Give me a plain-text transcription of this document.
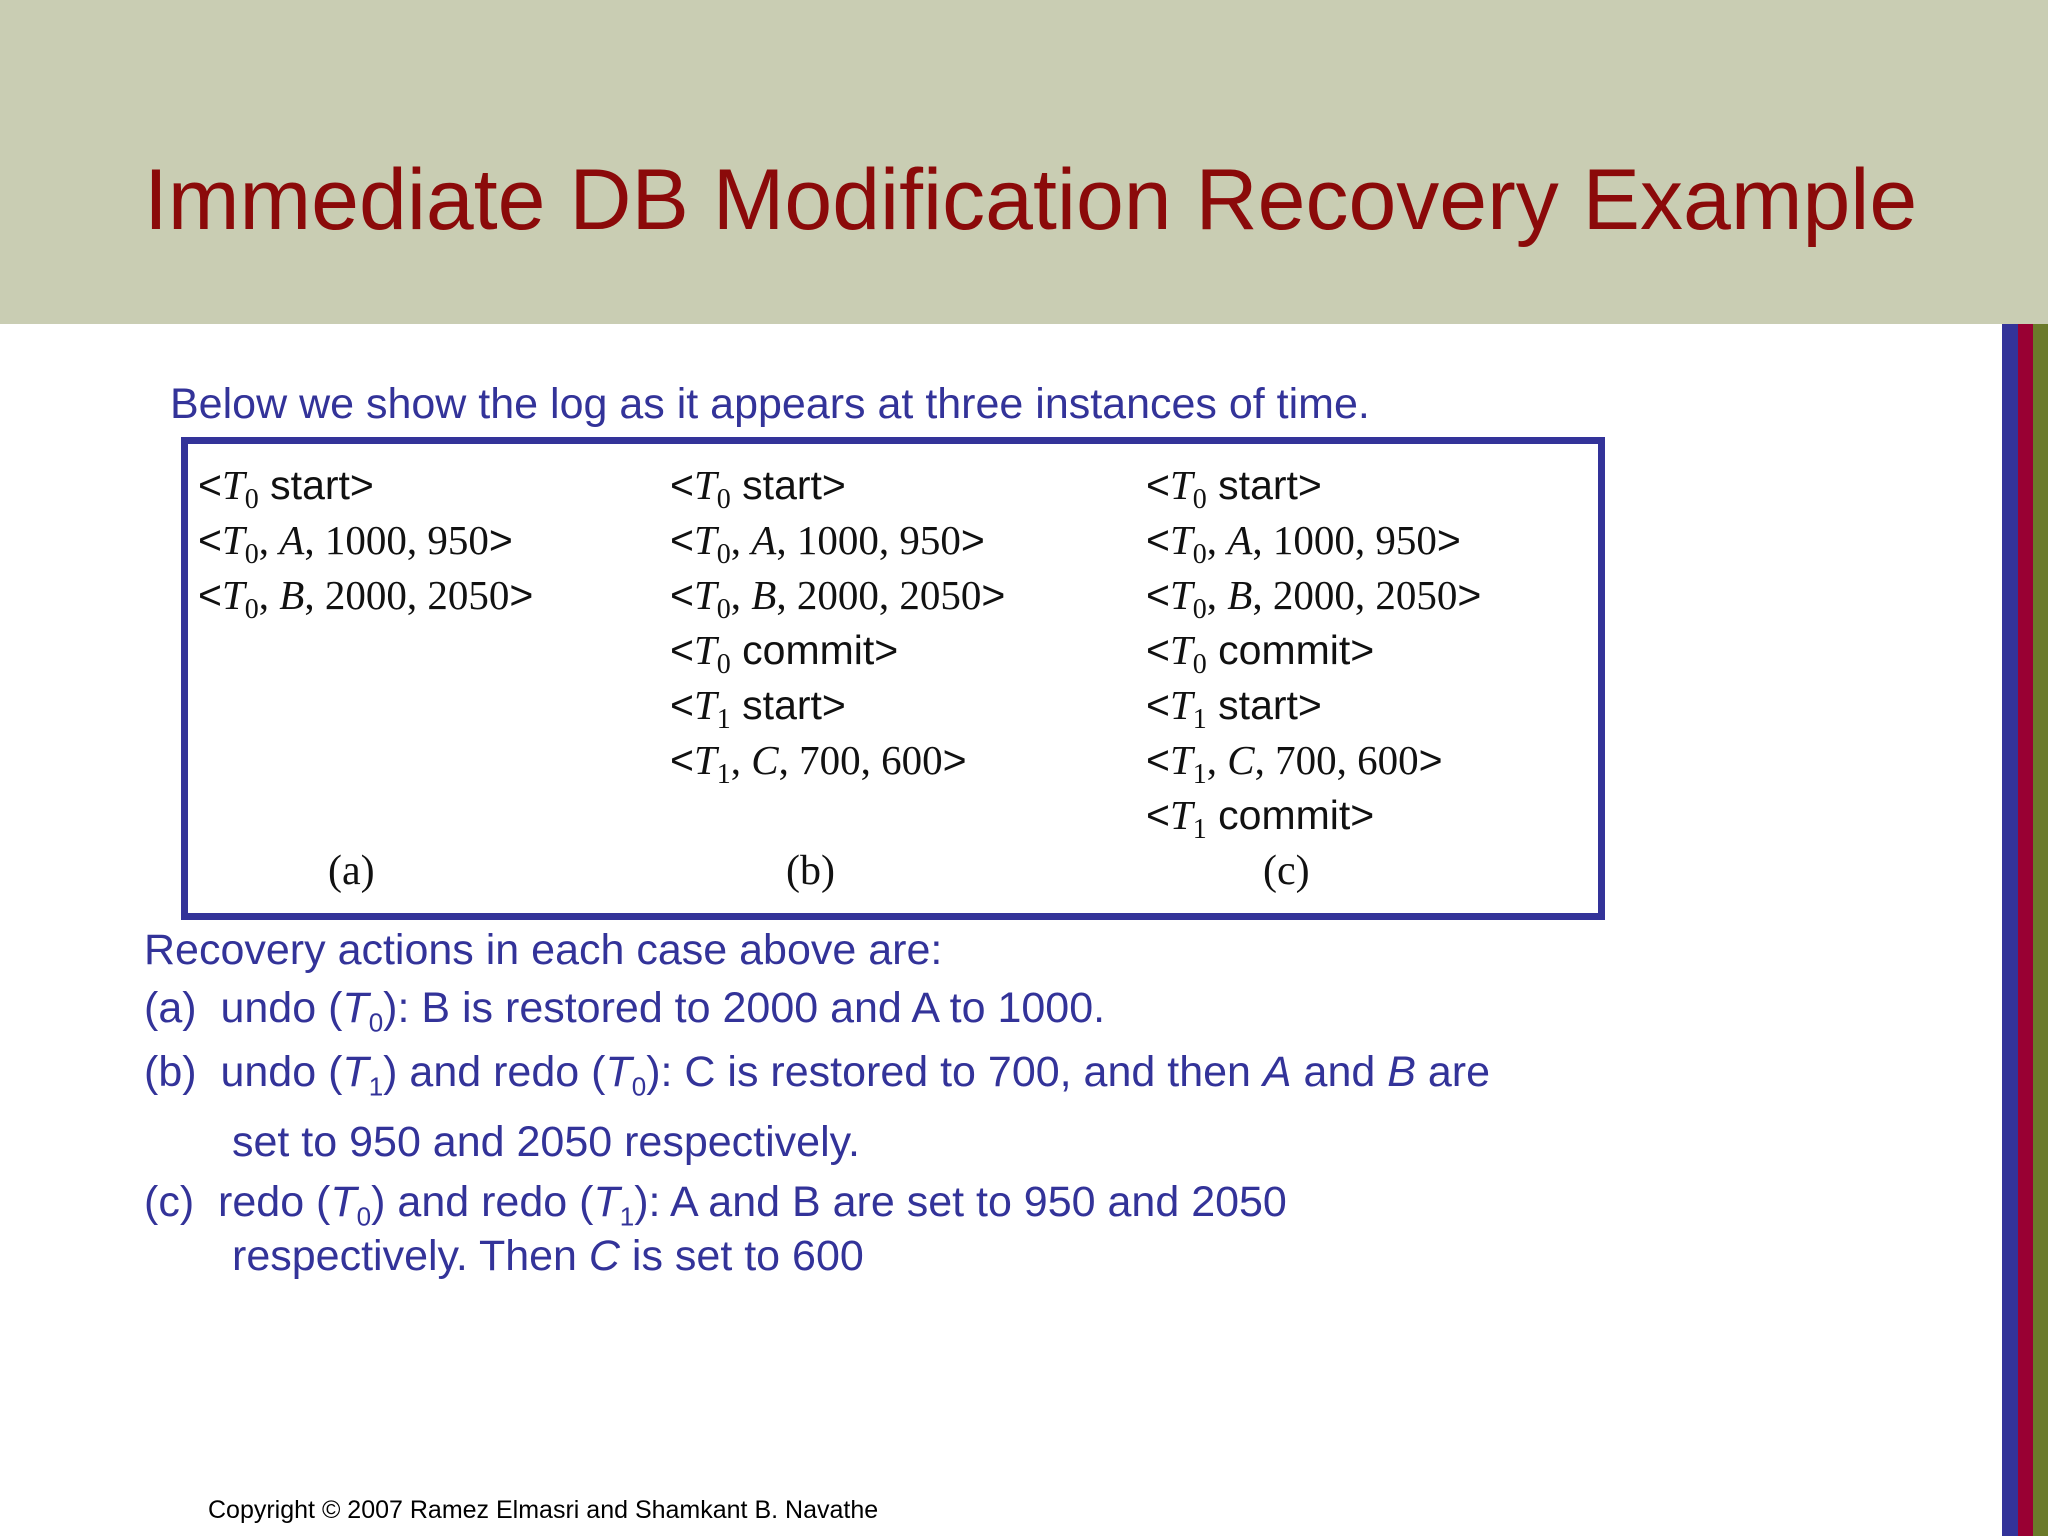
Immediate DB Modification Recovery Example
Below we show the log as it appears at three instances of time.
$<T_0$ start>
$<T_0$, A, 1000, 950>
$<T_0$, B, 2000, 2050>
$<T_0$ start>
$<T_0$, A, 1000, 950>
$<T_0$, B, 2000, 2050>
$<T_0$ commit>
$<T_1$ start>
$<T_1$, C, 700, 600>
$<T_0$ start>
$<T_0$, A, 1000, 950>
$<T_0$, B, 2000, 2050>
$<T_0$ commit>
$<T_1$ start>
$<T_1$, C, 700, 600>
$<T_1$ commit>
(a)	(b)	(c)
Recovery actions in each case above are:
(a) undo $(T_0)$: B is restored to 2000 and A to 1000.
(b) undo $(T_1)$ and redo $(T_0)$: C is restored to 700, and then A and B are
set to 950 and 2050 respectively.
(c) redo $(T_0)$ and redo $(T_1)$: A and B are set to 950 and 2050
respectively. Then C is set to 600
Copyright © 2007 Ramez Elmasri and Shamkant B. Navathe
